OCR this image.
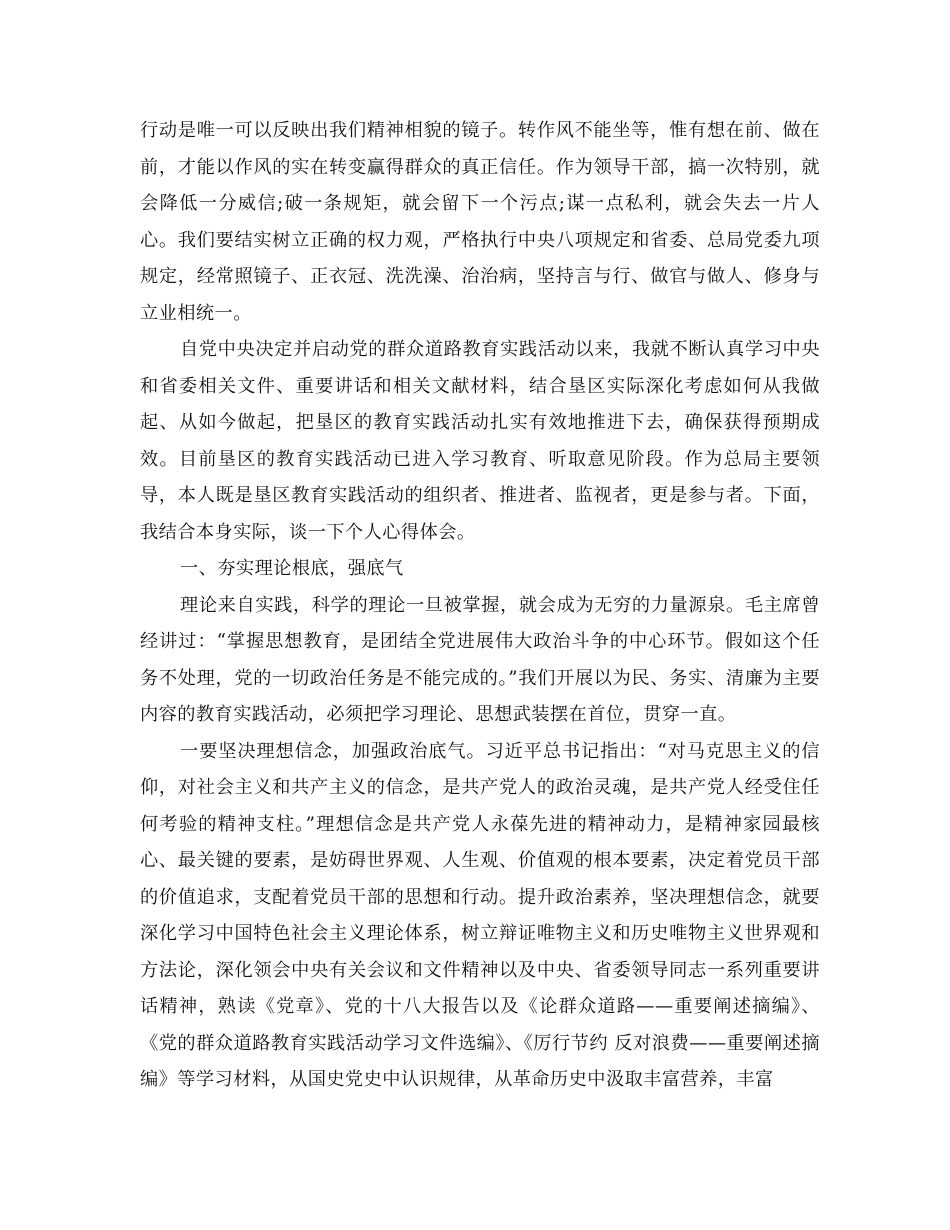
行动是唯一可以反映出我们精神相貌的镜子。转作风不能坐等，惟有想在前、做在前，才能以作风的实在转变赢得群众的真正信任。作为领导干部，搞一次特别，就会降低一分威信;破一条规矩，就会留下一个污点;谋一点私利，就会失去一片人心。我们要结实树立正确的权力观，严格执行中央八项规定和省委、总局党委九项规定，经常照镜子、正衣冠、洗洗澡、治治病，坚持言与行、做官与做人、修身与立业相统一。

自党中央决定并启动党的群众道路教育实践活动以来，我就不断认真学习中央和省委相关文件、重要讲话和相关文献材料，结合垦区实际深化考虑如何从我做起、从如今做起，把垦区的教育实践活动扎实有效地推进下去，确保获得预期成效。目前垦区的教育实践活动已进入学习教育、听取意见阶段。作为总局主要领导，本人既是垦区教育实践活动的组织者、推进者、监视者，更是参与者。下面，我结合本身实际，谈一下个人心得体会。

一、夯实理论根底，强底气

理论来自实践，科学的理论一旦被掌握，就会成为无穷的力量源泉。毛主席曾经讲过：“掌握思想教育，是团结全党进展伟大政治斗争的中心环节。假如这个任务不处理，党的一切政治任务是不能完成的。”我们开展以为民、务实、清廉为主要内容的教育实践活动，必须把学习理论、思想武装摆在首位，贯穿一直。

一要坚决理想信念，加强政治底气。习近平总书记指出：“对马克思主义的信仰，对社会主义和共产主义的信念，是共产党人的政治灵魂，是共产党人经受住任何考验的精神支柱。”理想信念是共产党人永葆先进的精神动力，是精神家园最核心、最关键的要素，是妨碍世界观、人生观、价值观的根本要素，决定着党员干部的价值追求，支配着党员干部的思想和行动。提升政治素养，坚决理想信念，就要深化学习中国特色社会主义理论体系，树立辩证唯物主义和历史唯物主义世界观和方法论，深化领会中央有关会议和文件精神以及中央、省委领导同志一系列重要讲话精神，熟读《党章》、党的十八大报告以及《论群众道路——重要阐述摘编》、《党的群众道路教育实践活动学习文件选编》、《厉行节约 反对浪费——重要阐述摘编》等学习材料，从国史党史中认识规律，从革命历史中汲取丰富营养，丰富
